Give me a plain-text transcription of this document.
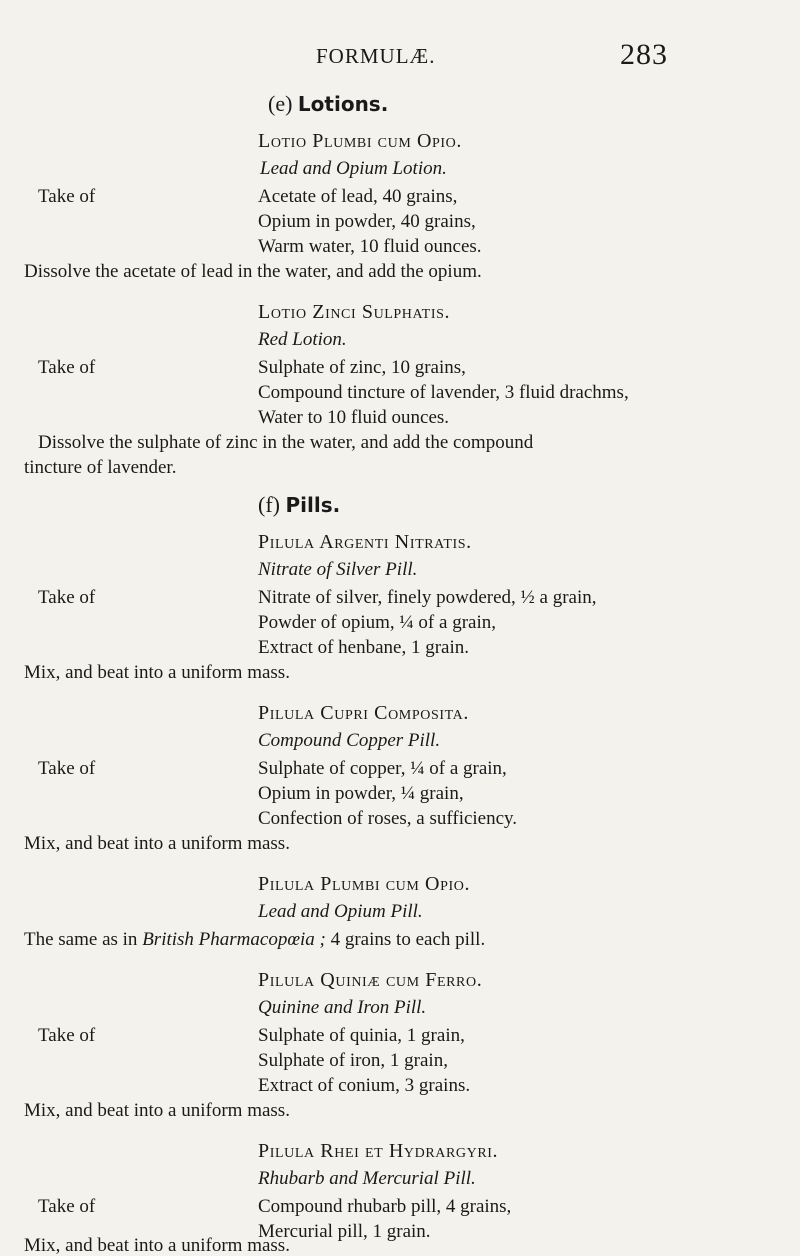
FORMULÆ.	283
(e) Lotions.
Lotio Plumbi cum Opio.
Lead and Opium Lotion.
Take of	Acetate of lead, 40 grains,
Opium in powder, 40 grains,
Warm water, 10 fluid ounces.
Dissolve the acetate of lead in the water, and add the opium.
Lotio Zinci Sulphatis.
Red Lotion.
Take of	Sulphate of zinc, 10 grains,
Compound tincture of lavender, 3 fluid drachms,
Water to 10 fluid ounces.
Dissolve the sulphate of zinc in the water, and add the compound
tincture of lavender.
(f) Pills.
Pilula Argenti Nitratis.
Nitrate of Silver Pill.
Take of	Nitrate of silver, finely powdered, ½ a grain,
Powder of opium, ¼ of a grain,
Extract of henbane, 1 grain.
Mix, and beat into a uniform mass.
Pilula Cupri Composita.
Compound Copper Pill.
Take of	Sulphate of copper, ¼ of a grain,
Opium in powder, ¼ grain,
Confection of roses, a sufficiency.
Mix, and beat into a uniform mass.
Pilula Plumbi cum Opio.
Lead and Opium Pill.
The same as in British Pharmacopœia ; 4 grains to each pill.
Pilula Quiniæ cum Ferro.
Quinine and Iron Pill.
Take of	Sulphate of quinia, 1 grain,
Sulphate of iron, 1 grain,
Extract of conium, 3 grains.
Mix, and beat into a uniform mass.
Pilula Rhei et Hydrargyri.
Rhubarb and Mercurial Pill.
Take of	Compound rhubarb pill, 4 grains,
Mercurial pill, 1 grain.
Mix, and beat into a uniform mass.
